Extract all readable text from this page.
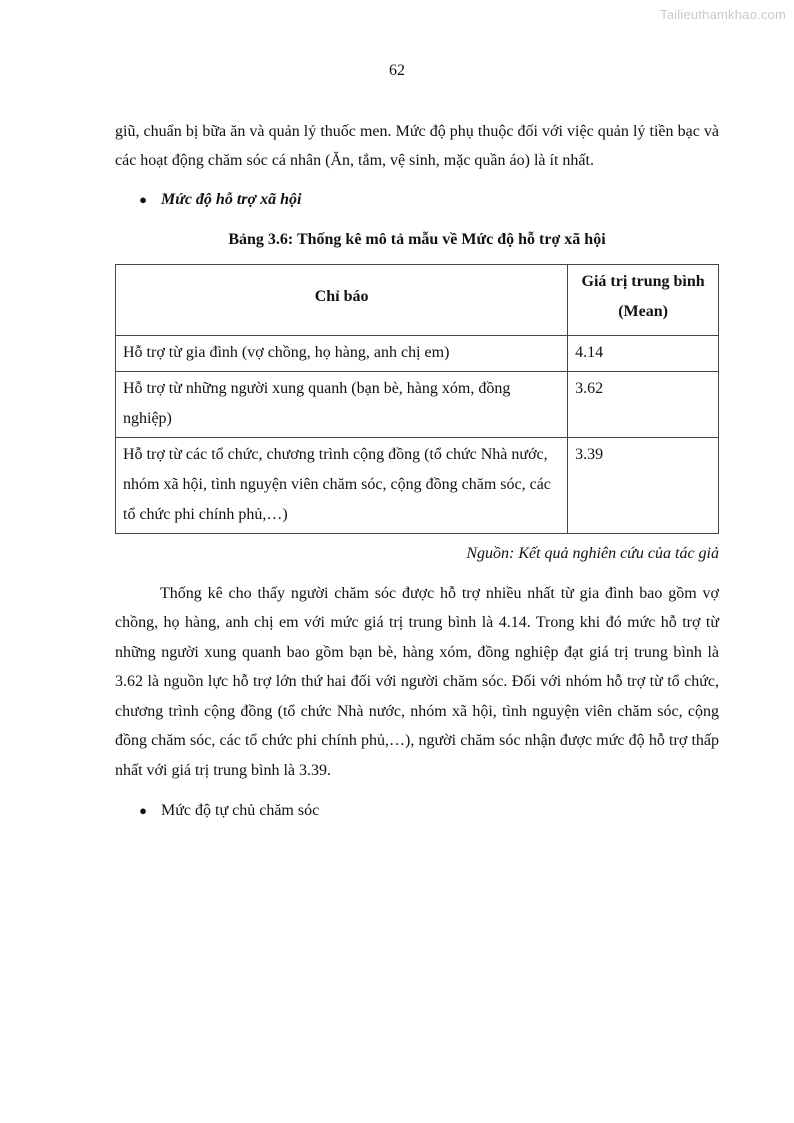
Tailieuthamkhao.com
62

giũ, chuẩn bị bữa ăn và quản lý thuốc men. Mức độ phụ thuộc đối với việc quản lý tiền bạc và các hoạt động chăm sóc cá nhân (Ăn, tắm, vệ sinh, mặc quần áo) là ít nhất.

● Mức độ hỗ trợ xã hội

Bảng 3.6: Thống kê mô tả mẫu về Mức độ hỗ trợ xã hội

Chỉ báo	Giá trị trung bình (Mean)
Hỗ trợ từ gia đình (vợ chồng, họ hàng, anh chị em)	4.14
Hỗ trợ từ những người xung quanh (bạn bè, hàng xóm, đồng nghiệp)	3.62
Hỗ trợ từ các tổ chức, chương trình cộng đồng (tổ chức Nhà nước, nhóm xã hội, tình nguyện viên chăm sóc, cộng đồng chăm sóc, các tổ chức phi chính phủ,…)	3.39

Nguồn: Kết quả nghiên cứu của tác giả

Thống kê cho thấy người chăm sóc được hỗ trợ nhiều nhất từ gia đình bao gồm vợ chồng, họ hàng, anh chị em với mức giá trị trung bình là 4.14. Trong khi đó mức hỗ trợ từ những người xung quanh bao gồm bạn bè, hàng xóm, đồng nghiệp đạt giá trị trung bình là 3.62 là nguồn lực hỗ trợ lớn thứ hai đối với người chăm sóc. Đối với nhóm hỗ trợ từ tổ chức, chương trình cộng đồng (tổ chức Nhà nước, nhóm xã hội, tình nguyện viên chăm sóc, cộng đồng chăm sóc, các tổ chức phi chính phủ,…), người chăm sóc nhận được mức độ hỗ trợ thấp nhất với giá trị trung bình là 3.39.

● Mức độ tự chủ chăm sóc
